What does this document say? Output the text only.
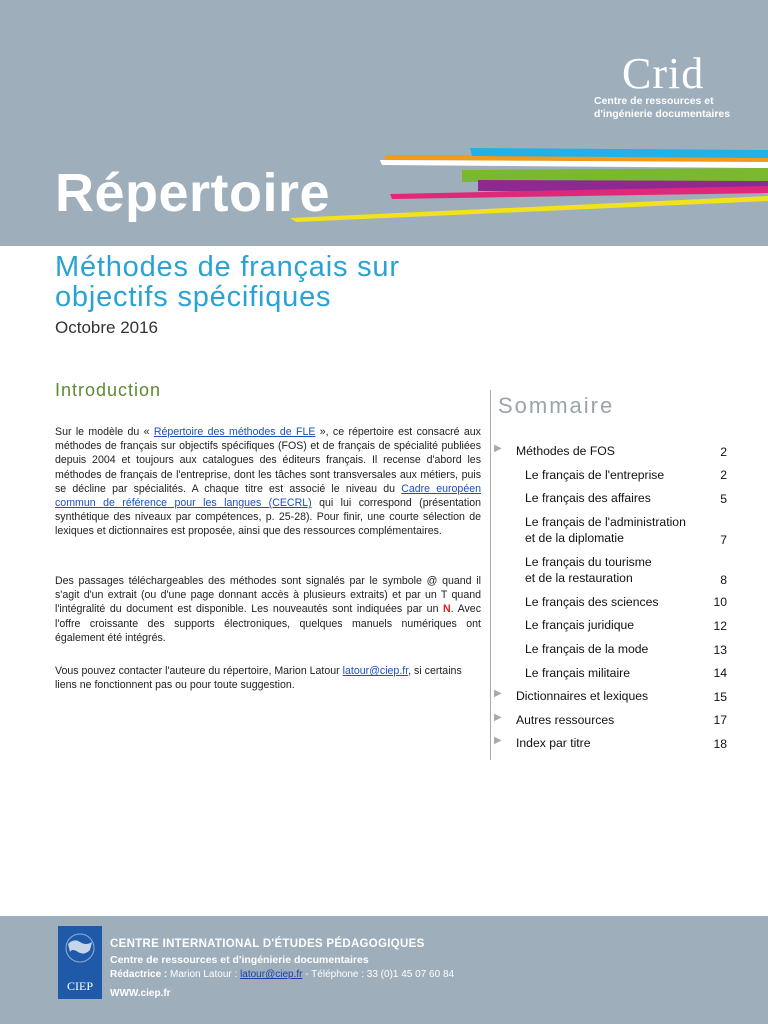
Crid
Centre de ressources et
d'ingénierie documentaires
Répertoire
Méthodes de français sur
objectifs spécifiques
Octobre 2016
Introduction
Sur le modèle du « Répertoire des méthodes de FLE », ce répertoire est consacré aux méthodes de français sur objectifs spécifiques (FOS) et de français de spécialité publiées depuis 2004 et toujours aux catalogues des éditeurs français. Il recense d'abord les méthodes de français de l'entreprise, dont les tâches sont transversales aux métiers, puis se décline par spécialités. A chaque titre est associé le niveau du Cadre européen commun de référence pour les langues (CECRL) qui lui correspond (présentation synthétique des niveaux par compétences, p. 25-28). Pour finir, une courte sélection de lexiques et dictionnaires est proposée, ainsi que des ressources complémentaires.
Des passages téléchargeables des méthodes sont signalés par le symbole @ quand il s'agit d'un extrait (ou d'une page donnant accès à plusieurs extraits) et par un T quand l'intégralité du document est disponible. Les nouveautés sont indiquées par un N. Avec l'offre croissante des supports électroniques, quelques manuels numériques ont également été intégrés.
Vous pouvez contacter l'auteure du répertoire, Marion Latour latour@ciep.fr, si certains liens ne fonctionnent pas ou pour toute suggestion.
Sommaire
▶ Méthodes de FOS	2
Le français de l'entreprise	2
Le français des affaires	5
Le français de l'administration
et de la diplomatie	7
Le français du tourisme
et de la restauration	8
Le français des sciences	10
Le français juridique	12
Le français de la mode	13
Le français militaire	14
▶ Dictionnaires et lexiques	15
▶ Autres ressources	17
▶ Index par titre	18
CIEP
CENTRE INTERNATIONAL D'ÉTUDES PÉDAGOGIQUES
Centre de ressources et d'ingénierie documentaires
Rédactrice : Marion Latour : latour@ciep.fr - Téléphone : 33 (0)1 45 07 60 84
WWW.ciep.fr
